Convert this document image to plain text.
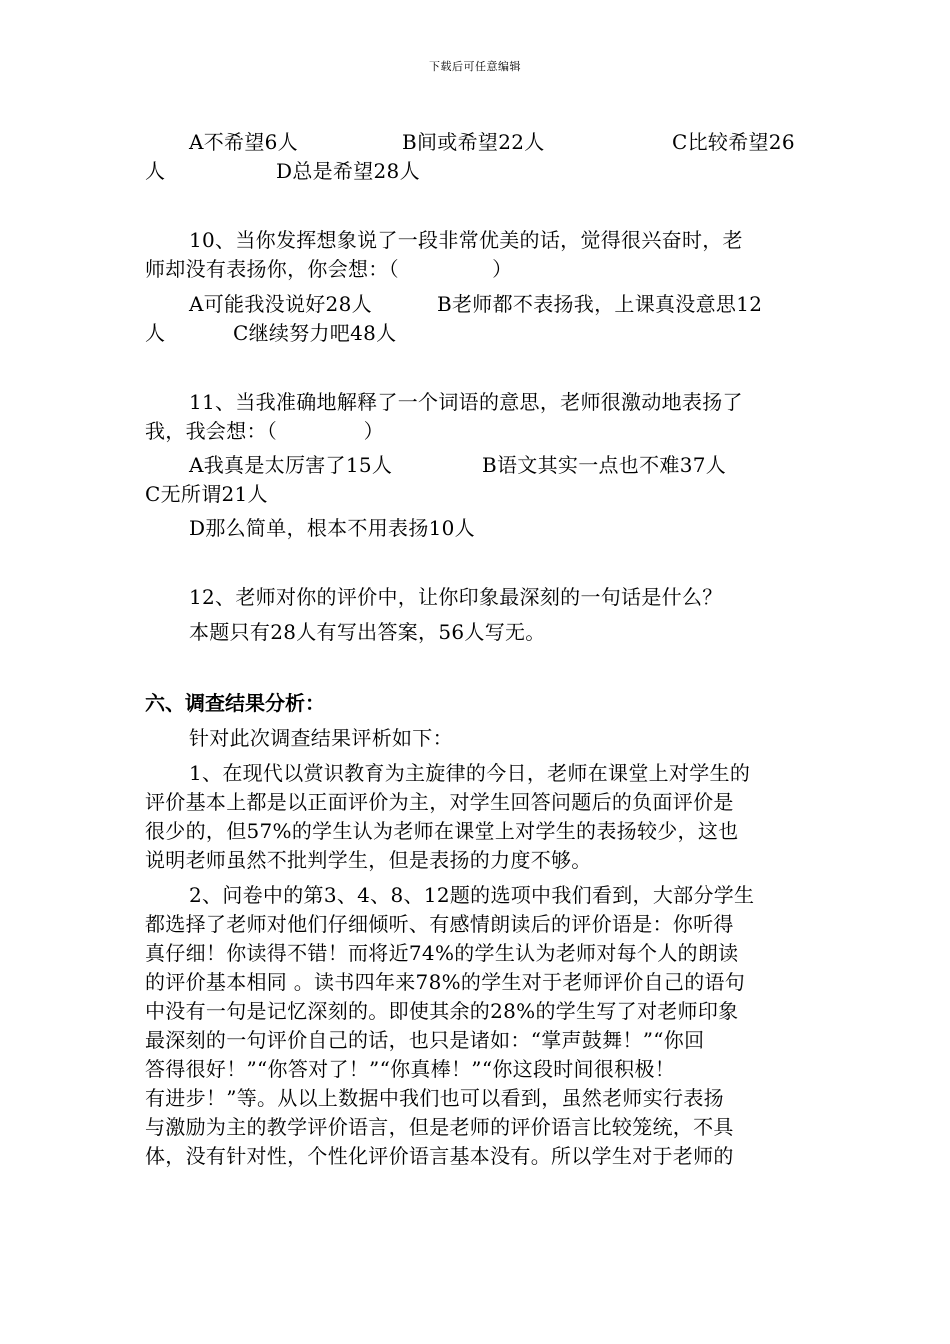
下载后可任意编辑
A不希望6人	B间或希望22人	C比较希望26
人	D总是希望28人
10、当你发挥想象说了一段非常优美的话，觉得很兴奋时，老
师却没有表扬你，你会想：（              ）
A可能我没说好28人	B老师都不表扬我，上课真没意思12
人	C继续努力吧48人
11、当我准确地解释了一个词语的意思，老师很激动地表扬了
我，我会想：（             ）
A我真是太厉害了15人	B语文其实一点也不难37人
C无所谓21人
D那么简单，根本不用表扬10人
12、老师对你的评价中，让你印象最深刻的一句话是什么？
本题只有28人有写出答案，56人写无。
六、调查结果分析：
针对此次调查结果评析如下：
1、在现代以赏识教育为主旋律的今日，老师在课堂上对学生的
评价基本上都是以正面评价为主，对学生回答问题后的负面评价是
很少的，但57%的学生认为老师在课堂上对学生的表扬较少，这也
说明老师虽然不批判学生，但是表扬的力度不够。
2、问卷中的第3、4、8、12题的选项中我们看到，大部分学生
都选择了老师对他们仔细倾听、有感情朗读后的评价语是：你听得
真仔细！你读得不错！而将近74%的学生认为老师对每个人的朗读
的评价基本相同 。读书四年来78%的学生对于老师评价自己的语句
中没有一句是记忆深刻的。即使其余的28%的学生写了对老师印象
最深刻的一句评价自己的话，也只是诸如：“掌声鼓舞！”“你回
答得很好！”“你答对了！”“你真棒！”“你这段时间很积极！
有进步！”等。从以上数据中我们也可以看到，虽然老师实行表扬
与激励为主的教学评价语言，但是老师的评价语言比较笼统，不具
体，没有针对性，个性化评价语言基本没有。所以学生对于老师的
